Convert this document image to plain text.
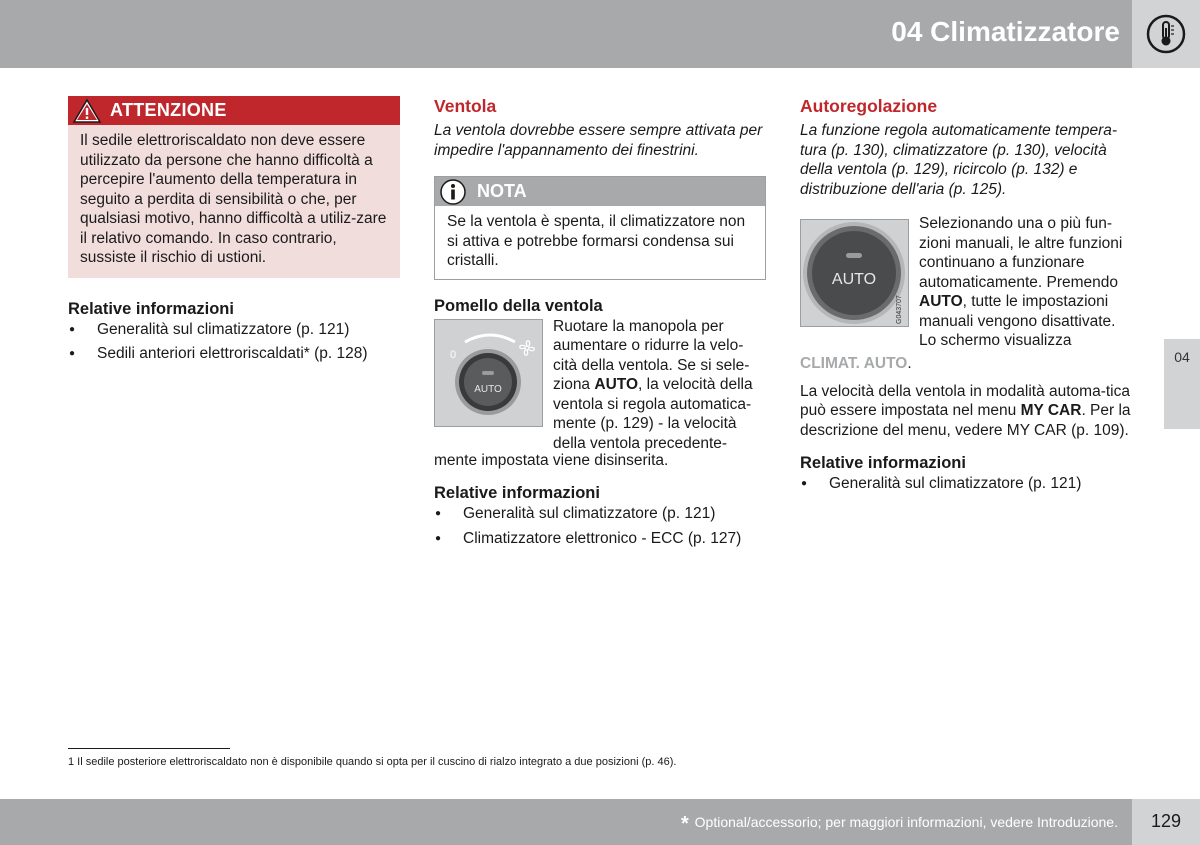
04 Climatizzatore
04
ATTENZIONE

Il sedile elettroriscaldato non deve essere utilizzato da persone che hanno difficoltà a percepire l'aumento della temperatura in seguito a perdita di sensibilità o che, per qualsiasi motivo, hanno difficoltà a utiliz-zare il relativo comando. In caso contrario, sussiste il rischio di ustioni.

Relative informazioni
● Generalità sul climatizzatore (p. 121)
● Sedili anteriori elettroriscaldati* (p. 128)
Ventola

La ventola dovrebbe essere sempre attivata per impedire l'appannamento dei finestrini.

NOTA

Se la ventola è spenta, il climatizzatore non si attiva e potrebbe formarsi condensa sui cristalli.

Pomello della ventola
0
AUTO

Ruotare la manopola per aumentare o ridurre la velo-cità della ventola. Se si sele-ziona AUTO, la velocità della ventola si regola automatica-mente (p. 129) - la velocità della ventola precedente-

mente impostata viene disinserita.

Relative informazioni
● Generalità sul climatizzatore (p. 121)
● Climatizzatore elettronico - ECC (p. 127)
Autoregolazione

La funzione regola automaticamente tempera-tura (p. 130), climatizzatore (p. 130), velocità della ventola (p. 129), ricircolo (p. 132) e distribuzione dell'aria (p. 125).

AUTO
G043707

Selezionando una o più fun-zioni manuali, le altre funzioni continuano a funzionare automaticamente. Premendo AUTO, tutte le impostazioni manuali vengono disattivate. Lo schermo visualizza

CLIMAT. AUTO.

La velocità della ventola in modalità automa-tica può essere impostata nel menu MY CAR. Per la descrizione del menu, vedere MY CAR (p. 109).

Relative informazioni
● Generalità sul climatizzatore (p. 121)
1 Il sedile posteriore elettroriscaldato non è disponibile quando si opta per il cuscino di rialzo integrato a due posizioni (p. 46).
* Optional/accessorio; per maggiori informazioni, vedere Introduzione.	129
